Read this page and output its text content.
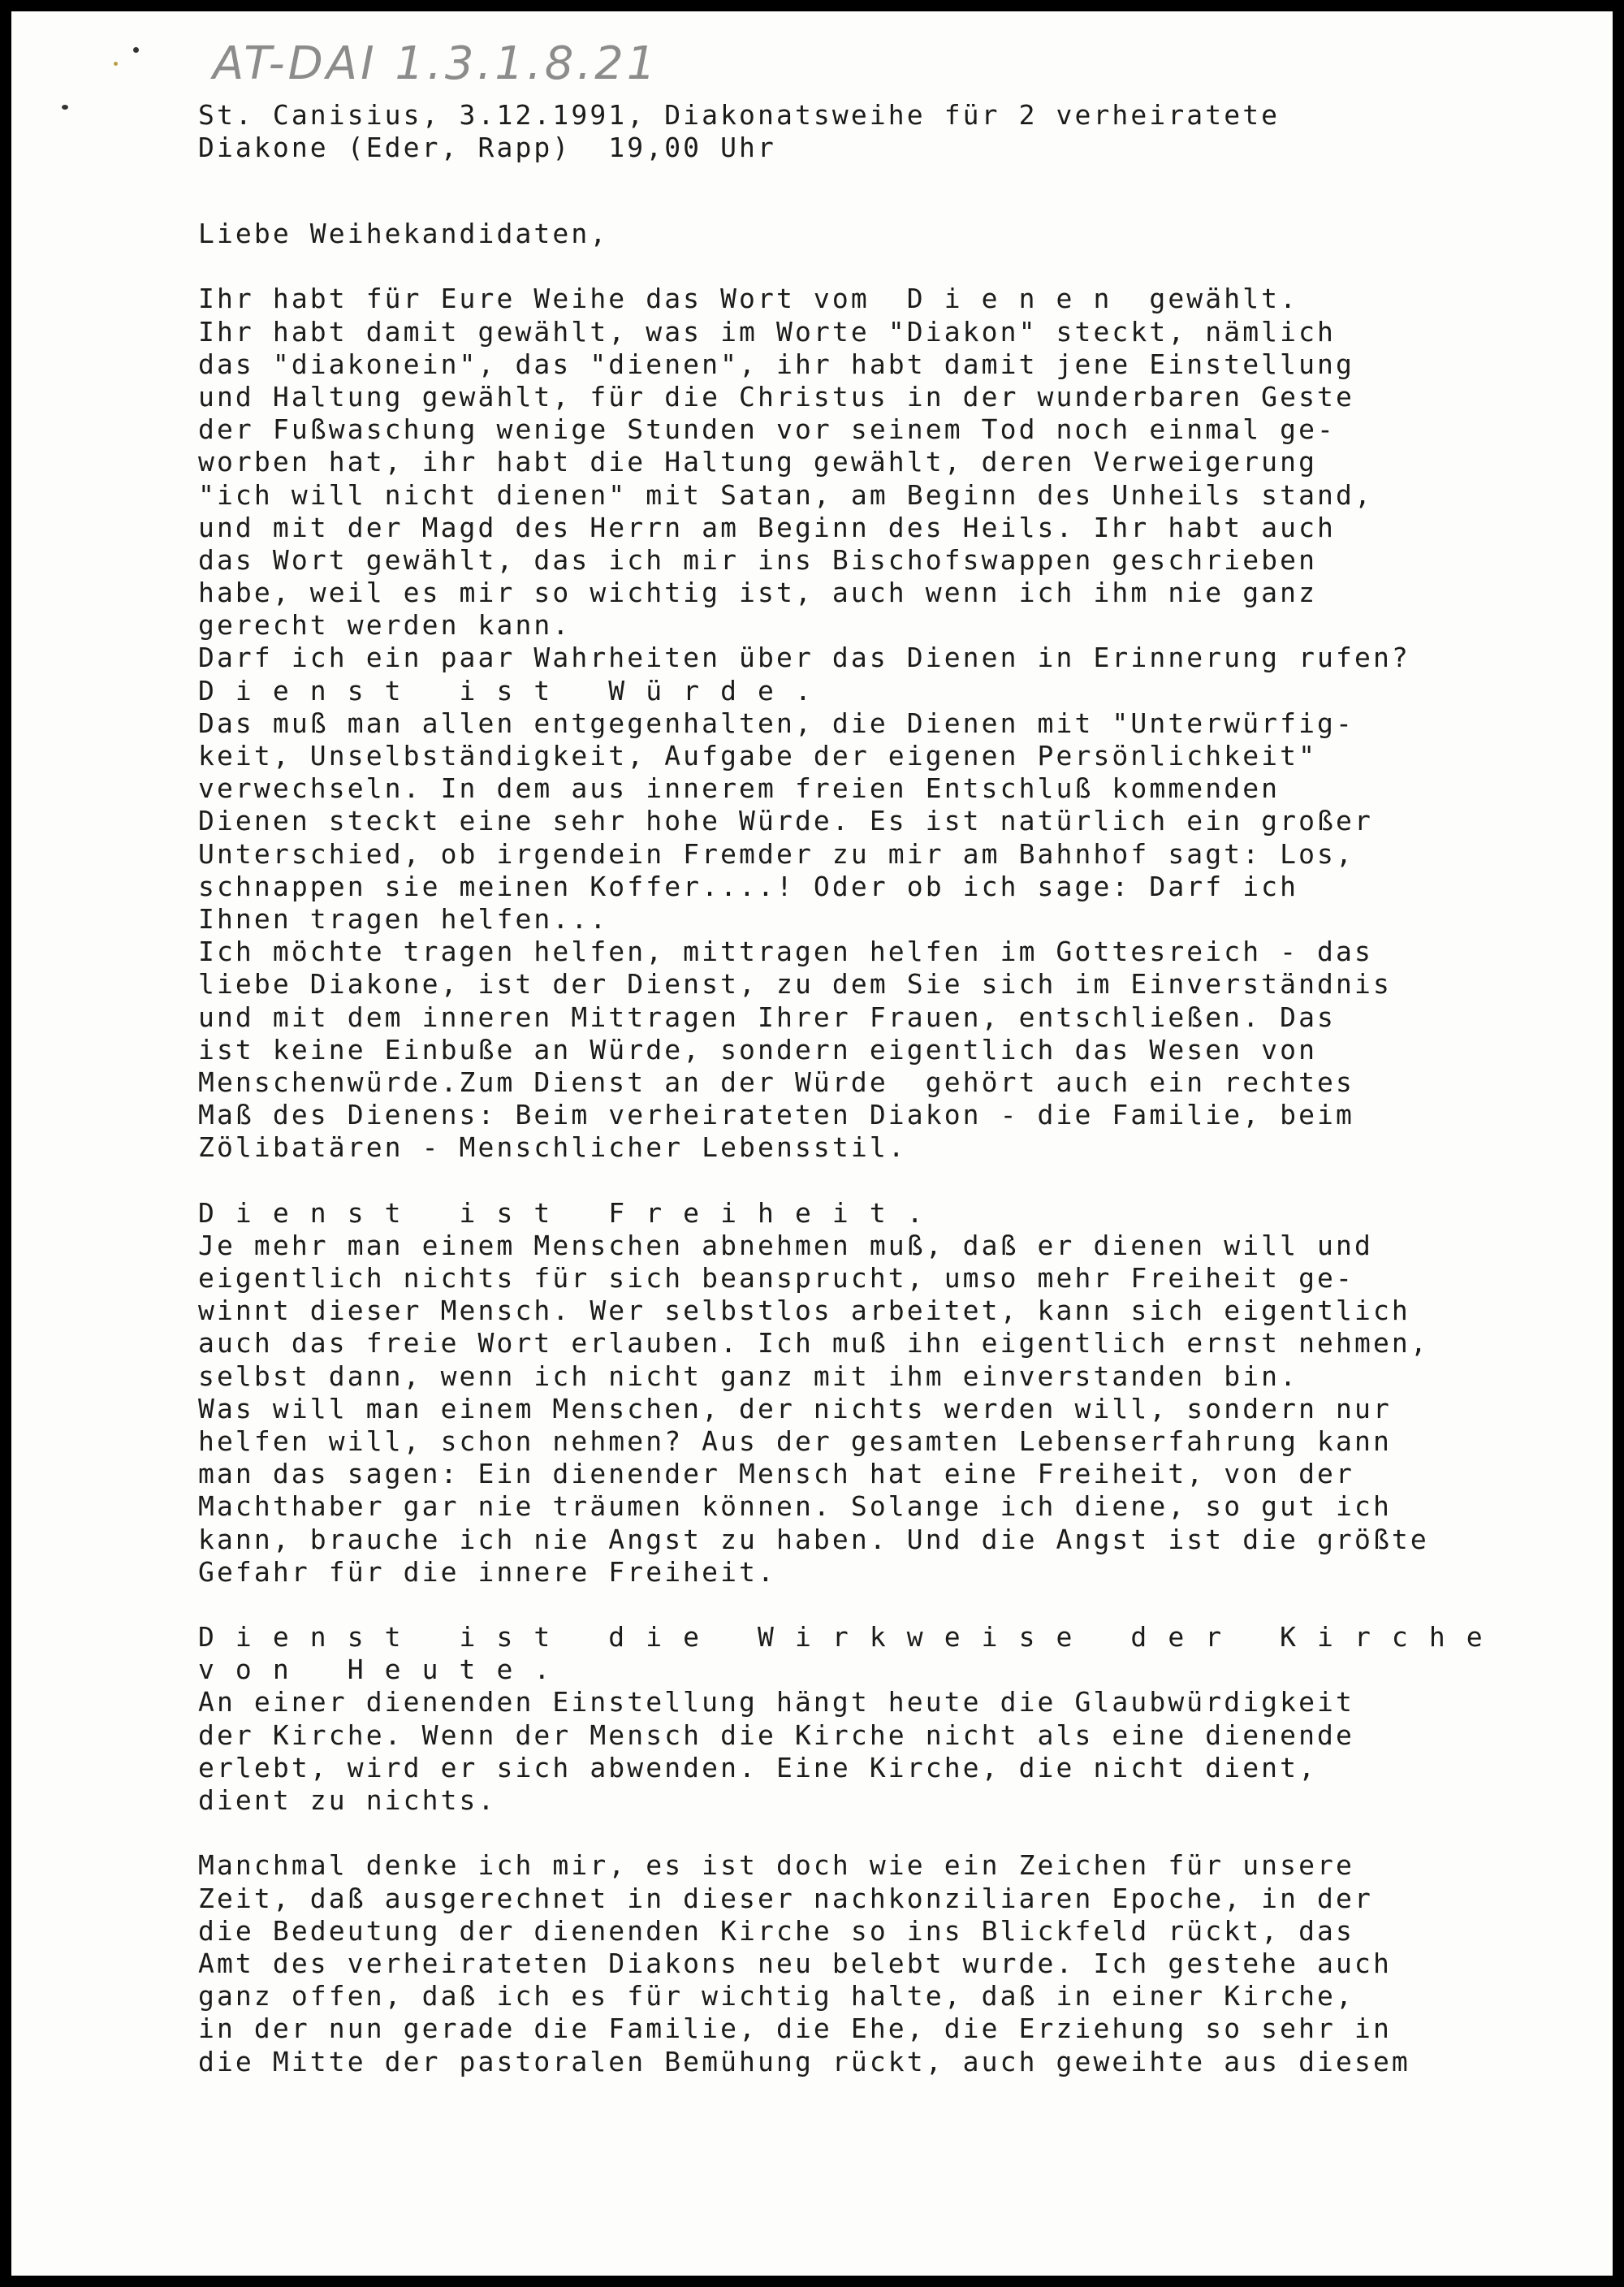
AT-DAI 1.3.1.8.21
St. Canisius, 3.12.1991, Diakonatsweihe für 2 verheiratete
Diakone (Eder, Rapp)  19,00 Uhr
Liebe Weihekandidaten,
Ihr habt für Eure Weihe das Wort vom  D i e n e n  gewählt.
Ihr habt damit gewählt, was im Worte "Diakon" steckt, nämlich
das "diakonein", das "dienen", ihr habt damit jene Einstellung
und Haltung gewählt, für die Christus in der wunderbaren Geste
der Fußwaschung wenige Stunden vor seinem Tod noch einmal ge-
worben hat, ihr habt die Haltung gewählt, deren Verweigerung
"ich will nicht dienen" mit Satan, am Beginn des Unheils stand,
und mit der Magd des Herrn am Beginn des Heils. Ihr habt auch
das Wort gewählt, das ich mir ins Bischofswappen geschrieben
habe, weil es mir so wichtig ist, auch wenn ich ihm nie ganz
gerecht werden kann.
Darf ich ein paar Wahrheiten über das Dienen in Erinnerung rufen?
D i e n s t   i s t   W ü r d e .
Das muß man allen entgegenhalten, die Dienen mit "Unterwürfig-
keit, Unselbständigkeit, Aufgabe der eigenen Persönlichkeit"
verwechseln. In dem aus innerem freien Entschluß kommenden
Dienen steckt eine sehr hohe Würde. Es ist natürlich ein großer
Unterschied, ob irgendein Fremder zu mir am Bahnhof sagt: Los,
schnappen sie meinen Koffer....! Oder ob ich sage: Darf ich
Ihnen tragen helfen...
Ich möchte tragen helfen, mittragen helfen im Gottesreich - das
liebe Diakone, ist der Dienst, zu dem Sie sich im Einverständnis
und mit dem inneren Mittragen Ihrer Frauen, entschließen. Das
ist keine Einbuße an Würde, sondern eigentlich das Wesen von
Menschenwürde.Zum Dienst an der Würde  gehört auch ein rechtes
Maß des Dienens: Beim verheirateten Diakon - die Familie, beim
Zölibatären - Menschlicher Lebensstil.
D i e n s t   i s t   F r e i h e i t .
Je mehr man einem Menschen abnehmen muß, daß er dienen will und
eigentlich nichts für sich beansprucht, umso mehr Freiheit ge-
winnt dieser Mensch. Wer selbstlos arbeitet, kann sich eigentlich
auch das freie Wort erlauben. Ich muß ihn eigentlich ernst nehmen,
selbst dann, wenn ich nicht ganz mit ihm einverstanden bin.
Was will man einem Menschen, der nichts werden will, sondern nur
helfen will, schon nehmen? Aus der gesamten Lebenserfahrung kann
man das sagen: Ein dienender Mensch hat eine Freiheit, von der
Machthaber gar nie träumen können. Solange ich diene, so gut ich
kann, brauche ich nie Angst zu haben. Und die Angst ist die größte
Gefahr für die innere Freiheit.
D i e n s t   i s t   d i e   W i r k w e i s e   d e r   K i r c h e
v o n   H e u t e .
An einer dienenden Einstellung hängt heute die Glaubwürdigkeit
der Kirche. Wenn der Mensch die Kirche nicht als eine dienende
erlebt, wird er sich abwenden. Eine Kirche, die nicht dient,
dient zu nichts.
Manchmal denke ich mir, es ist doch wie ein Zeichen für unsere
Zeit, daß ausgerechnet in dieser nachkonziliaren Epoche, in der
die Bedeutung der dienenden Kirche so ins Blickfeld rückt, das
Amt des verheirateten Diakons neu belebt wurde. Ich gestehe auch
ganz offen, daß ich es für wichtig halte, daß in einer Kirche,
in der nun gerade die Familie, die Ehe, die Erziehung so sehr in
die Mitte der pastoralen Bemühung rückt, auch geweihte aus diesem
